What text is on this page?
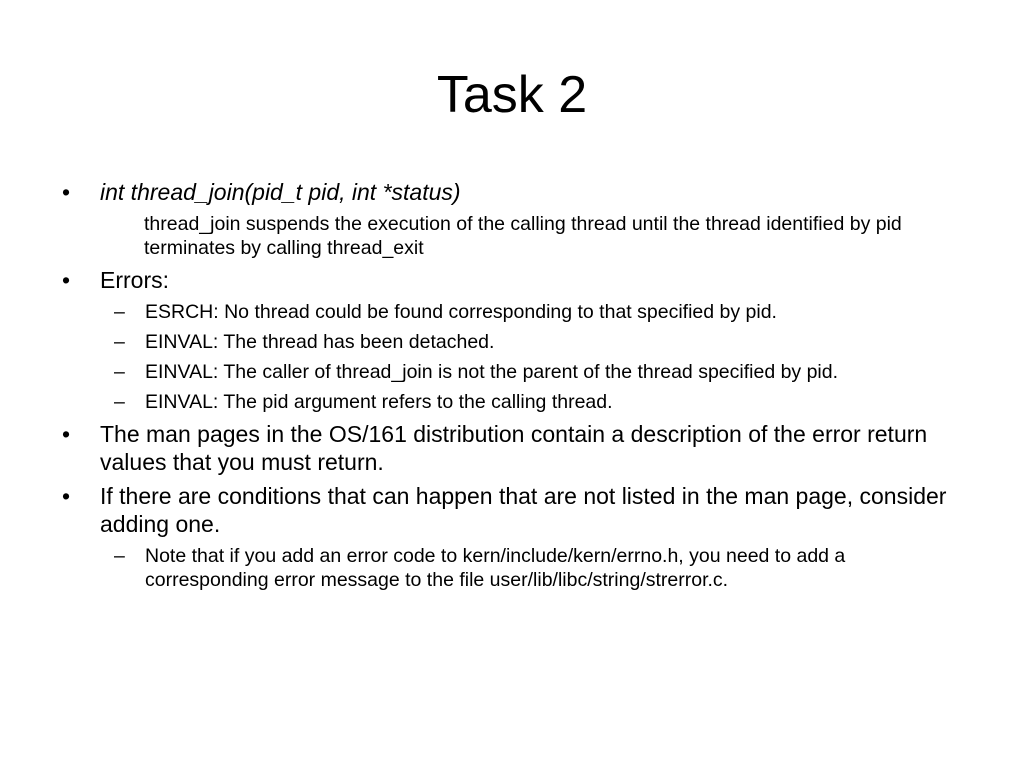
Task 2
•	int thread_join(pid_t pid, int *status)
thread_join suspends the execution of the calling thread until the thread identified by pid terminates by calling thread_exit
•	Errors:
– ESRCH: No thread could be found corresponding to that specified by pid.
– EINVAL: The thread has been detached.
– EINVAL: The caller of thread_join is not the parent of the thread specified by pid.
– EINVAL: The pid argument refers to the calling thread.
•	The man pages in the OS/161 distribution contain a description of the error return values that you must return.
•	If there are conditions that can happen that are not listed in the man page, consider adding one.
– Note that if you add an error code to kern/include/kern/errno.h, you need to add a corresponding error message to the file user/lib/libc/string/strerror.c.
